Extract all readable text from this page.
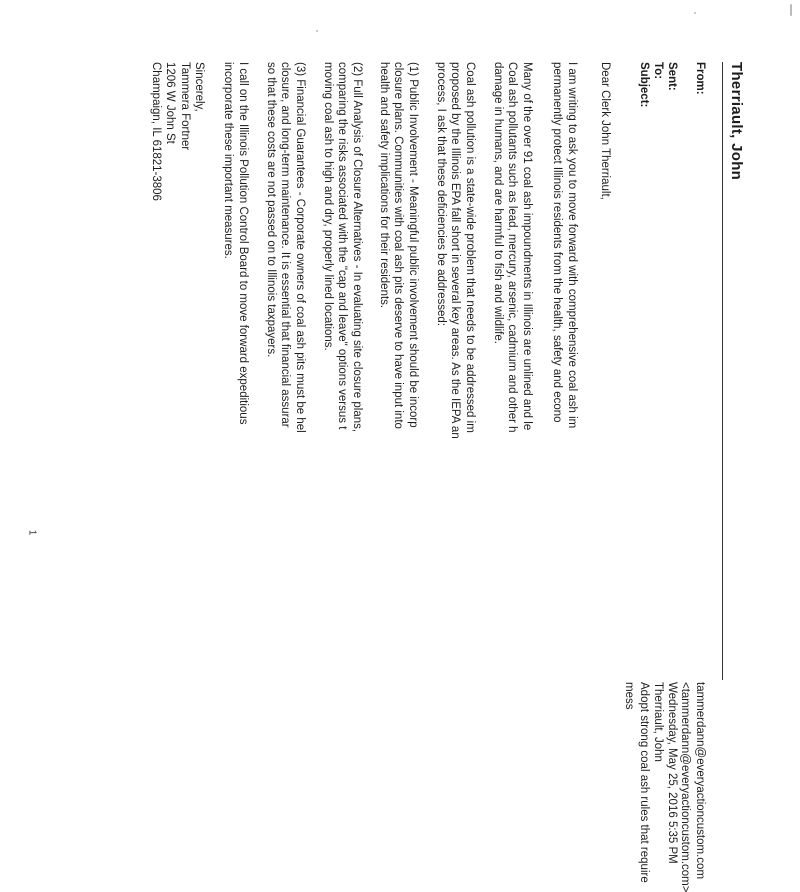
Therriault, John
From:
tammerdann@everyactioncustom.com
<tammerdann@everyactioncustom.com>
Sent:
Wednesday, May 25, 2016 5:35 PM
To:
Therriault, John
Subject:
Adopt strong coal ash rules that require
mess
Dear Clerk John Therriault,
I am writing to ask you to move forward with comprehensive coal ash im
permanently protect Illinois residents from the health, safety and econo
Many of the over 91 coal ash impoundments in Illinois are unlined and le
Coal ash pollutants such as lead, mercury, arsenic, cadmium and other h
damage in humans, and are harmful to fish and wildlife.
Coal ash pollution is a state-wide problem that needs to be addressed im
proposed by the Illinois EPA fall short in several key areas. As the IEPA an
process, I ask that these deficiencies be addressed:
(1) Public Involvement - Meaningful public involvement should be incorp
closure plans. Communities with coal ash pits deserve to have input into
health and safety implications for their residents.
(2) Full Analysis of Closure Alternatives - In evaluating site closure plans,
comparing the risks associated with the "cap and leave" options versus t
moving coal ash to high and dry, properly lined locations.
(3) Financial Guarantees - Corporate owners of coal ash pits must be hel
closure, and long-term maintenance. It is essential that financial assurar
so that these costs are not passed on to Illinois taxpayers.
I call on the Illinois Pollution Control Board to move forward expeditious
incorporate these important measures.
Sincerely,
Tammera Fortner
1206 W John St
Champaign, IL 61821-3806
1
